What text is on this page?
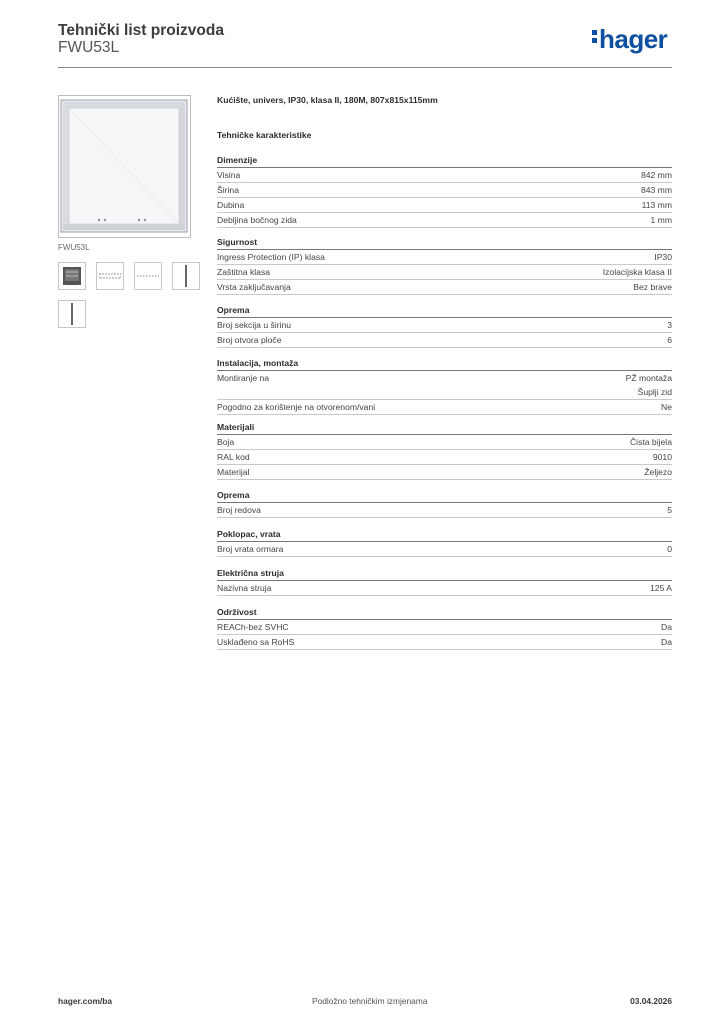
Tehnički list proizvoda
FWU53L	hager
FWU53L
Kućište, univers, IP30, klasa II, 180M, 807x815x115mm
Tehničke karakteristike
Dimenzije
Visina	842 mm
Širina	843 mm
Dubina	113 mm
Debljina bočnog zida	1 mm
Sigurnost
Ingress Protection (IP) klasa	IP30
Zaštitna klasa	Izolacijska klasa II
Vrsta zaključavanja	Bez brave
Oprema
Broj sekcija u širinu	3
Broj otvora ploče	6
Instalacija, montaža
Montiranje na	PŽ montaža
Šuplji zid
Pogodno za korištenje na otvorenom/vani	Ne
Materijali
Boja	Čista bijela
RAL kod	9010
Materijal	Željezo
Oprema
Broj redova	5
Poklopac, vrata
Broj vrata ormara	0
Električna struja
Nazivna struja	125 A
Održivost
REACh-bez SVHC	Da
Usklađeno sa RoHS	Da
hager.com/ba	Podložno tehničkim izmjenama	03.04.2026
